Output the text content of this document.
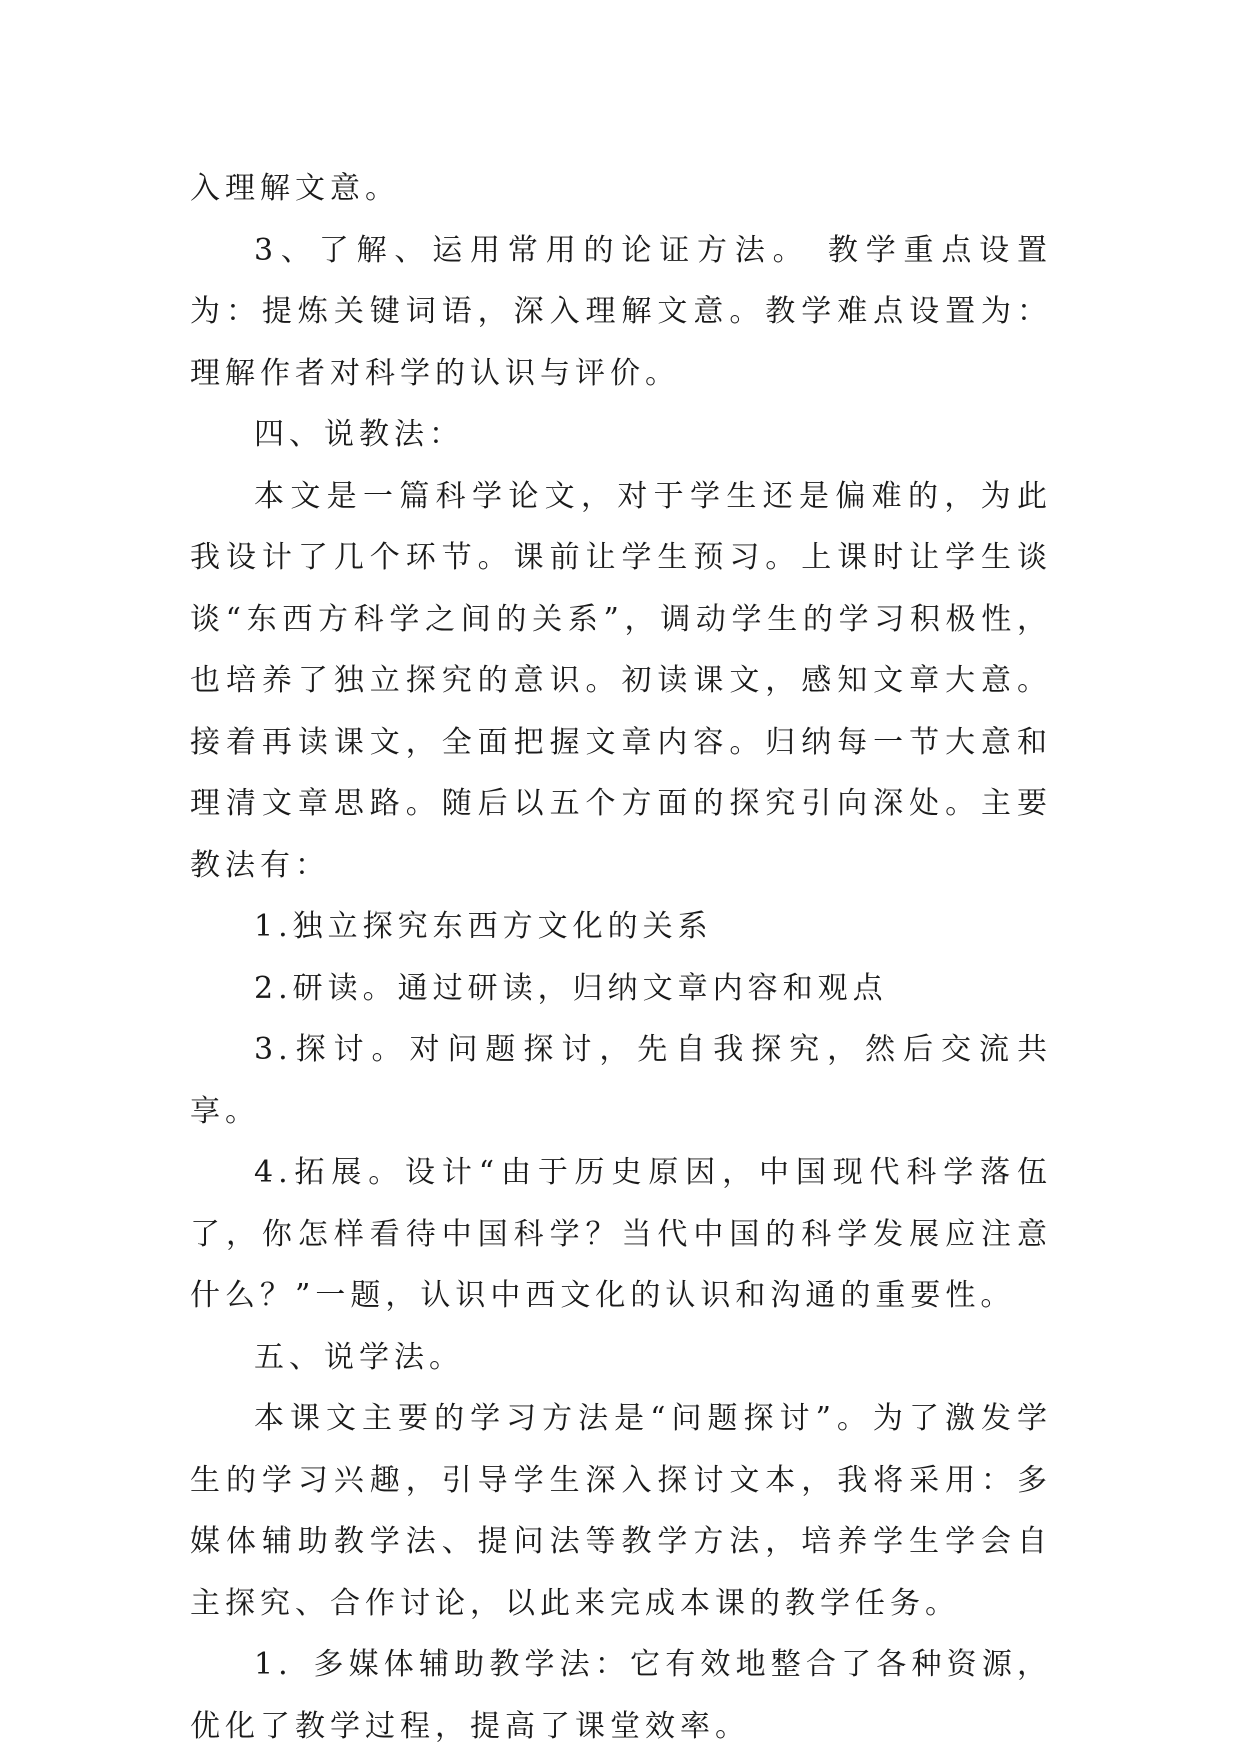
入理解文意。

3、了解、运用常用的论证方法。 教学重点设置为：提炼关键词语，深入理解文意。教学难点设置为：理解作者对科学的认识与评价。

四、说教法：

本文是一篇科学论文，对于学生还是偏难的，为此我设计了几个环节。课前让学生预习。上课时让学生谈谈“东西方科学之间的关系”，调动学生的学习积极性，也培养了独立探究的意识。初读课文，感知文章大意。接着再读课文，全面把握文章内容。归纳每一节大意和理清文章思路。随后以五个方面的探究引向深处。主要教法有：

1.独立探究东西方文化的关系

2.研读。通过研读，归纳文章内容和观点

3.探讨。对问题探讨，先自我探究，然后交流共享。

4.拓展。设计“由于历史原因，中国现代科学落伍了，你怎样看待中国科学？当代中国的科学发展应注意什么？”一题，认识中西文化的认识和沟通的重要性。

五、说学法。

本课文主要的学习方法是“问题探讨”。为了激发学生的学习兴趣，引导学生深入探讨文本，我将采用：多媒体辅助教学法、提问法等教学方法，培养学生学会自主探究、合作讨论，以此来完成本课的教学任务。

1．多媒体辅助教学法：它有效地整合了各种资源，优化了教学过程，提高了课堂效率。
